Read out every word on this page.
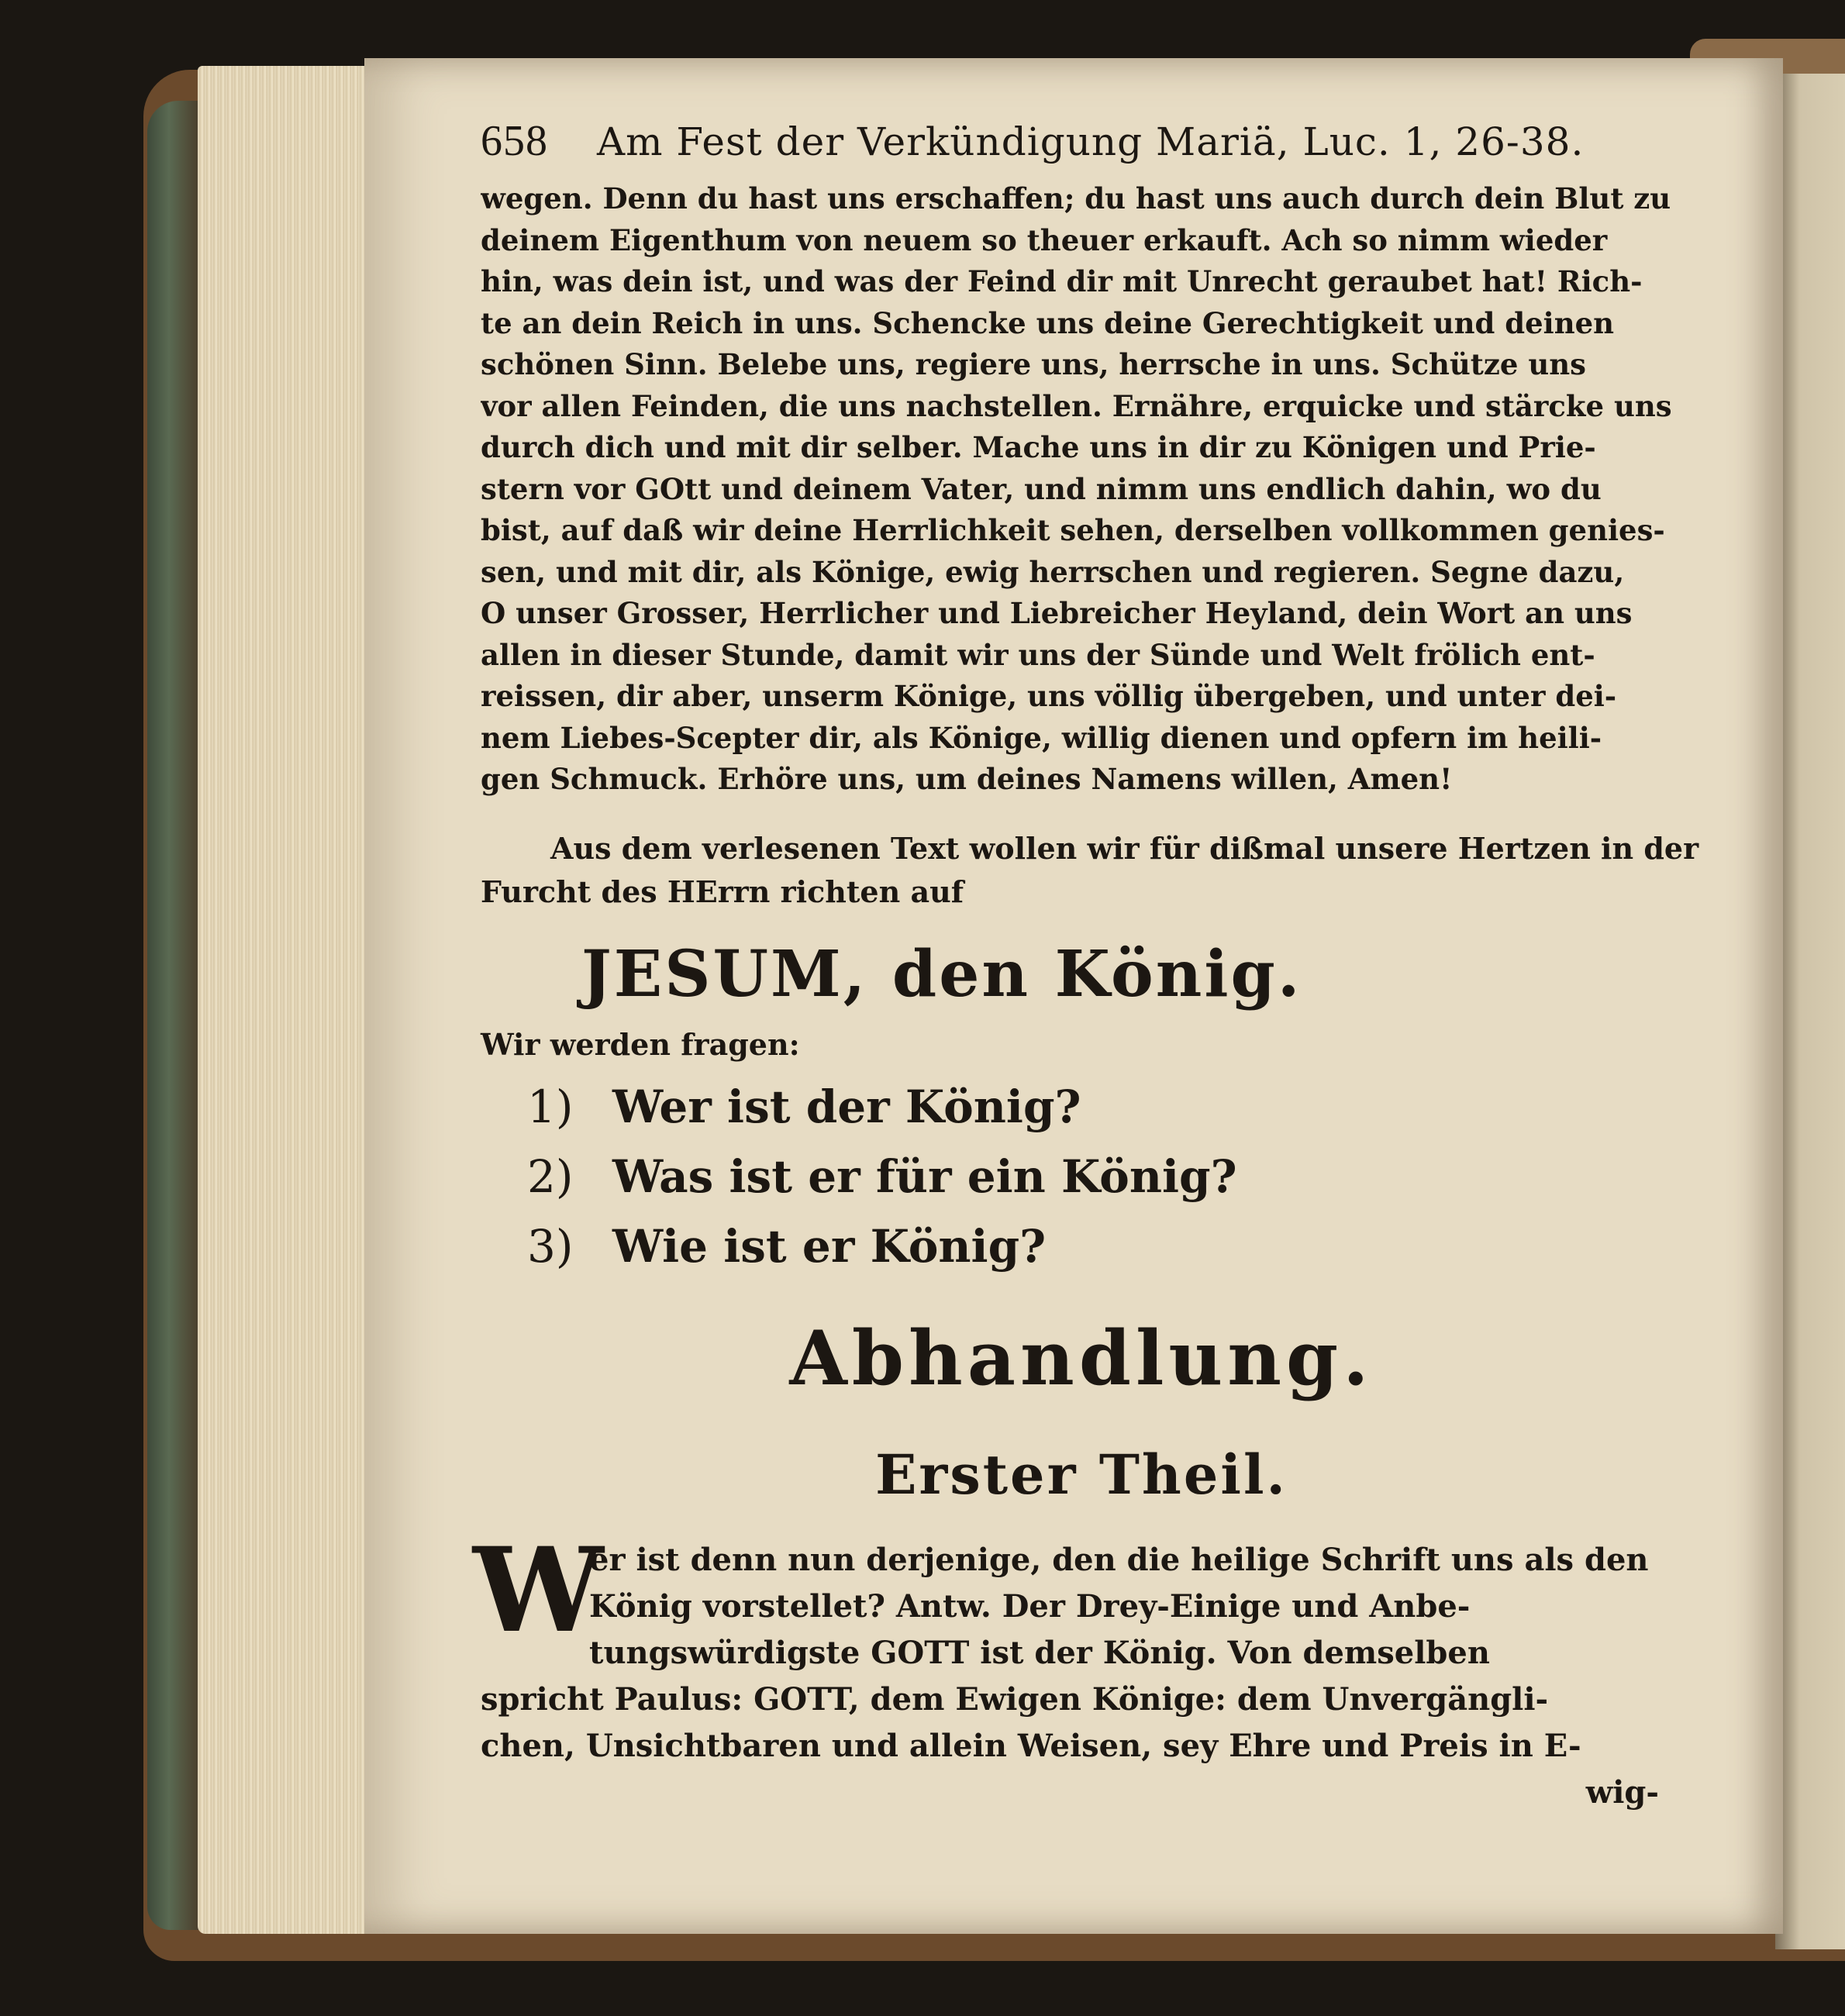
658	Am Fest der Verkündigung Mariä, Luc. 1, 26-38.
wegen. Denn du hast uns erschaffen; du hast uns auch durch dein Blut zu
deinem Eigenthum von neuem so theuer erkauft. Ach so nimm wieder
hin, was dein ist, und was der Feind dir mit Unrecht geraubet hat! Rich-
te an dein Reich in uns. Schencke uns deine Gerechtigkeit und deinen
schönen Sinn. Belebe uns, regiere uns, herrsche in uns. Schütze uns
vor allen Feinden, die uns nachstellen. Ernähre, erquicke und stärcke uns
durch dich und mit dir selber. Mache uns in dir zu Königen und Prie-
stern vor GOtt und deinem Vater, und nimm uns endlich dahin, wo du
bist, auf daß wir deine Herrlichkeit sehen, derselben vollkommen genies-
sen, und mit dir, als Könige, ewig herrschen und regieren. Segne dazu,
O unser Grosser, Herrlicher und Liebreicher Heyland, dein Wort an uns
allen in dieser Stunde, damit wir uns der Sünde und Welt frölich ent-
reissen, dir aber, unserm Könige, uns völlig übergeben, und unter dei-
nem Liebes-Scepter dir, als Könige, willig dienen und opfern im heili-
gen Schmuck. Erhöre uns, um deines Namens willen, Amen!
Aus dem verlesenen Text wollen wir für dißmal unsere Hertzen in der
Furcht des HErrn richten auf
JESUM, den König.
Wir werden fragen:
1) Wer ist der König?
2) Was ist er für ein König?
3) Wie ist er König?
Abhandlung.
Erster Theil.
W
er ist denn nun derjenige, den die heilige Schrift uns als den
König vorstellet? Antw. Der Drey-Einige und Anbe-
tungswürdigste GOTT ist der König. Von demselben
spricht Paulus: GOTT, dem Ewigen Könige: dem Unvergängli-
chen, Unsichtbaren und allein Weisen, sey Ehre und Preis in E-
wig-
